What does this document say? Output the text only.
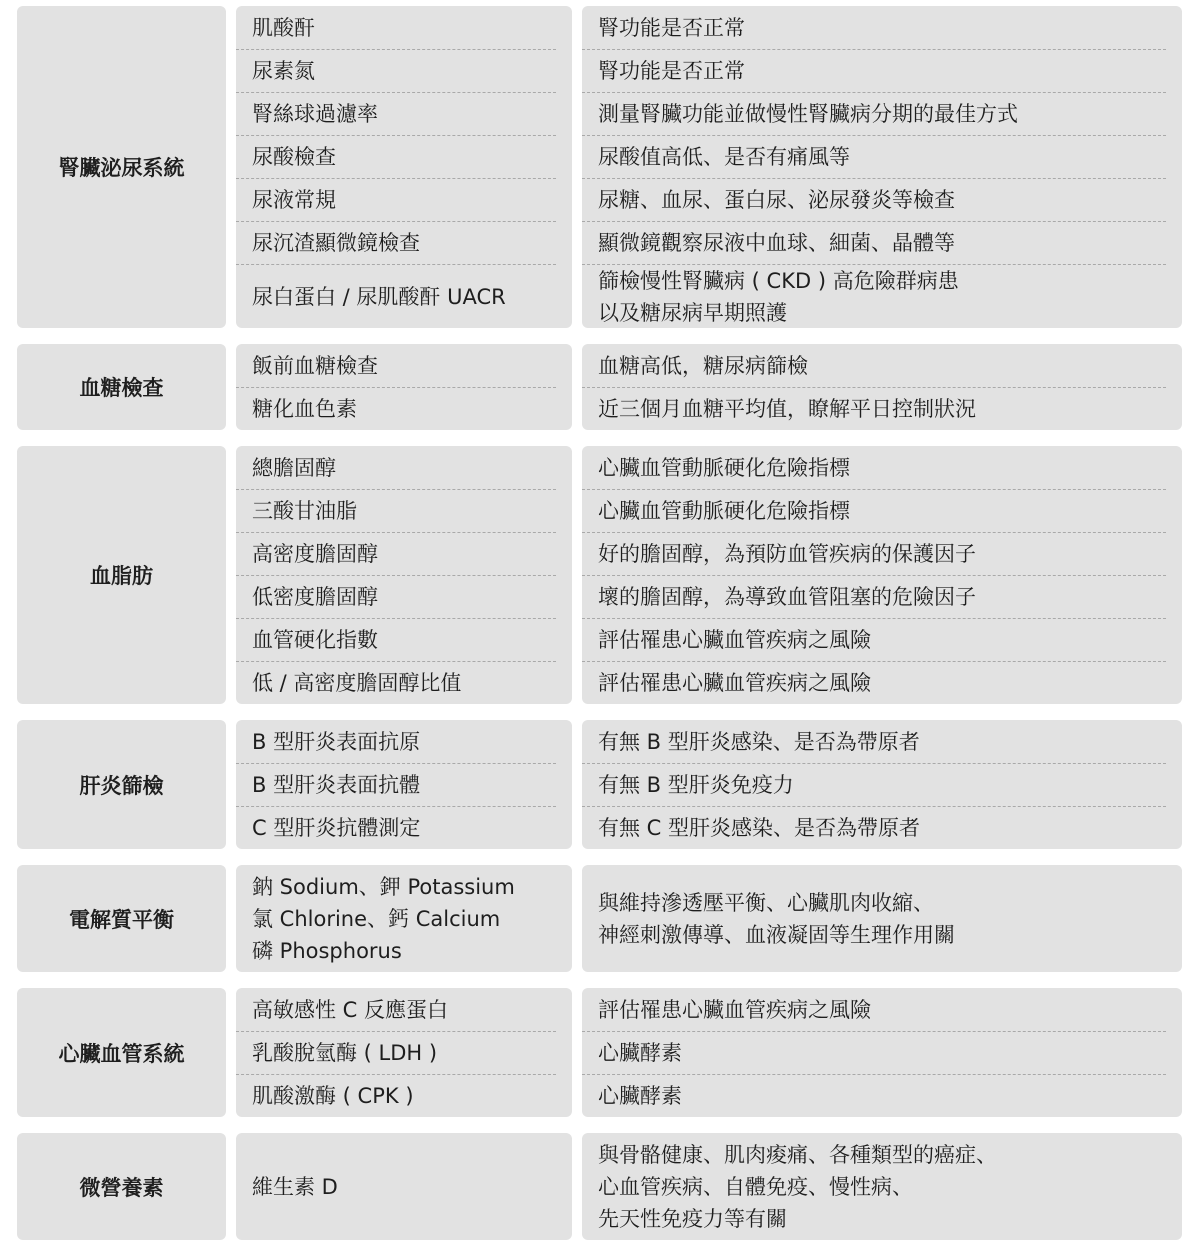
腎臟泌尿系統
肌酸酐
尿素氮
腎絲球過濾率
尿酸檢查
尿液常規
尿沉渣顯微鏡檢查
尿白蛋白 / 尿肌酸酐 UACR
腎功能是否正常
腎功能是否正常
測量腎臟功能並做慢性腎臟病分期的最佳方式
尿酸值高低、是否有痛風等
尿糖、血尿、蛋白尿、泌尿發炎等檢查
顯微鏡觀察尿液中血球、細菌、晶體等
篩檢慢性腎臟病 ( CKD ) 高危險群病患
以及糖尿病早期照護
血糖檢查
飯前血糖檢查
糖化血色素
血糖高低，糖尿病篩檢
近三個月血糖平均值，瞭解平日控制狀況
血脂肪
總膽固醇
三酸甘油脂
高密度膽固醇
低密度膽固醇
血管硬化指數
低 / 高密度膽固醇比值
心臟血管動脈硬化危險指標
心臟血管動脈硬化危險指標
好的膽固醇，為預防血管疾病的保護因子
壞的膽固醇，為導致血管阻塞的危險因子
評估罹患心臟血管疾病之風險
評估罹患心臟血管疾病之風險
肝炎篩檢
B 型肝炎表面抗原
B 型肝炎表面抗體
C 型肝炎抗體測定
有無 B 型肝炎感染、是否為帶原者
有無 B 型肝炎免疫力
有無 C 型肝炎感染、是否為帶原者
電解質平衡
鈉 Sodium、鉀 Potassium
氯 Chlorine、鈣 Calcium
磷 Phosphorus
與維持滲透壓平衡、心臟肌肉收縮、
神經刺激傳導、血液凝固等生理作用關
心臟血管系統
高敏感性 C 反應蛋白
乳酸脫氫酶 ( LDH )
肌酸激酶 ( CPK )
評估罹患心臟血管疾病之風險
心臟酵素
心臟酵素
微營養素	維生素 D
與骨骼健康、肌肉痠痛、各種類型的癌症、
心血管疾病、自體免疫、慢性病、
先天性免疫力等有關
